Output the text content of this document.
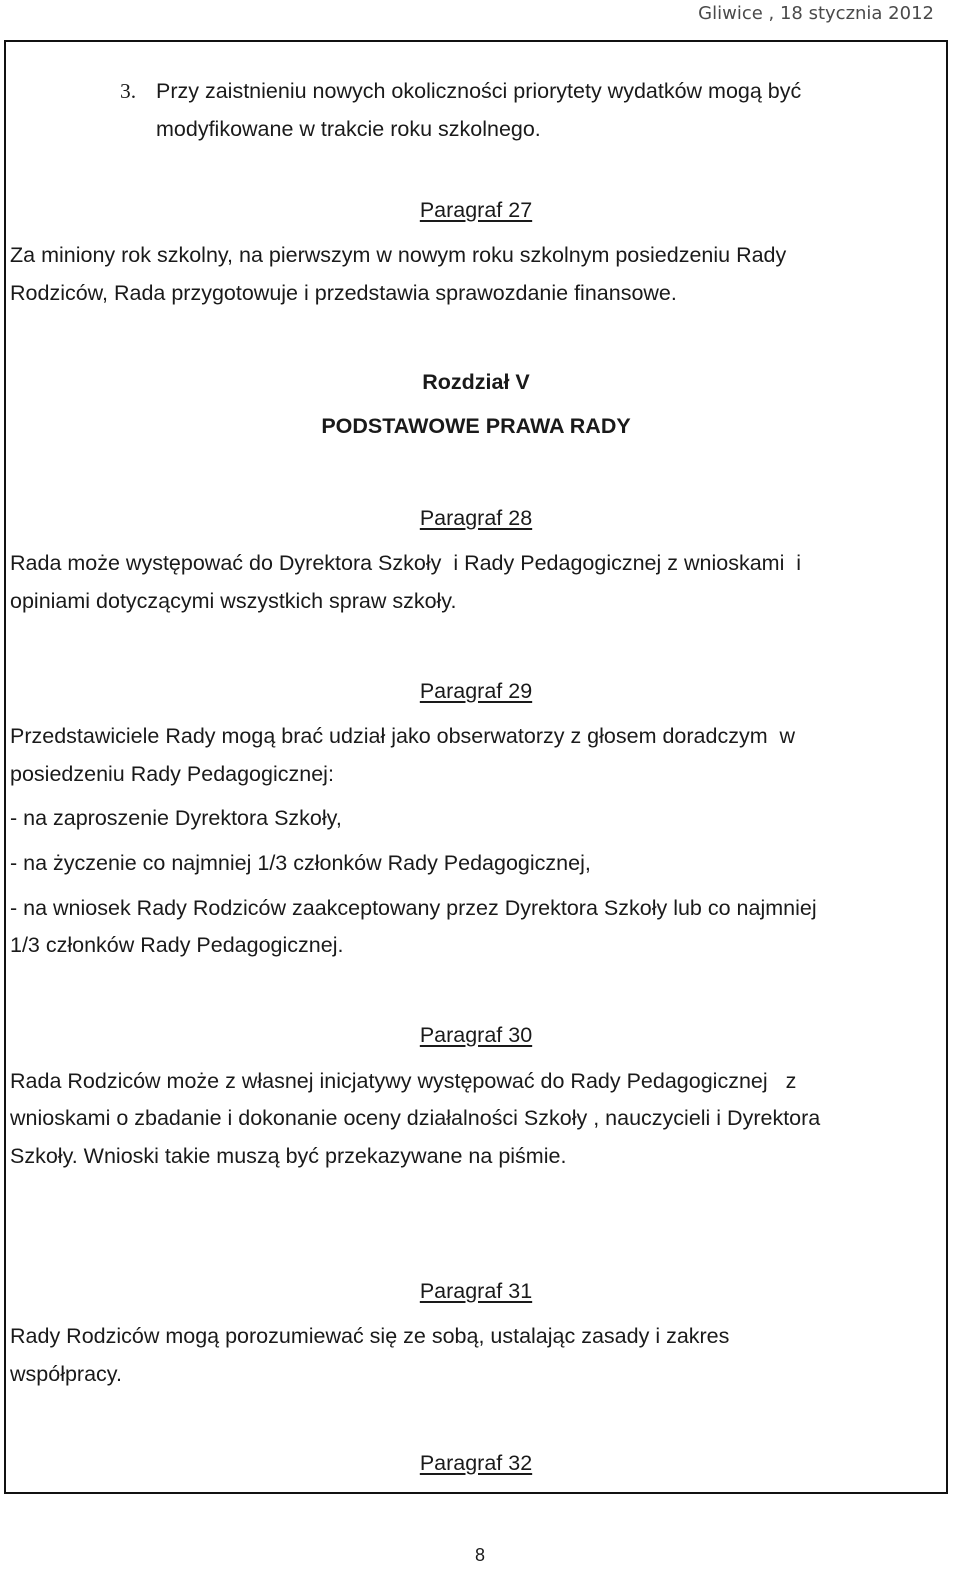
Gliwice , 18 stycznia 2012
3. Przy zaistnieniu nowych okoliczności priorytety wydatków mogą być
modyfikowane w trakcie roku szkolnego.
Paragraf 27
Za miniony rok szkolny, na pierwszym w nowym roku szkolnym posiedzeniu Rady
Rodziców, Rada przygotowuje i przedstawia sprawozdanie finansowe.
Rozdział V
PODSTAWOWE PRAWA RADY
Paragraf 28
Rada może występować do Dyrektora Szkoły  i Rady Pedagogicznej z wnioskami  i
opiniami dotyczącymi wszystkich spraw szkoły.
Paragraf 29
Przedstawiciele Rady mogą brać udział jako obserwatorzy z głosem doradczym  w
posiedzeniu Rady Pedagogicznej:
- na zaproszenie Dyrektora Szkoły,
- na życzenie co najmniej 1/3 członków Rady Pedagogicznej,
- na wniosek Rady Rodziców zaakceptowany przez Dyrektora Szkoły lub co najmniej
1/3 członków Rady Pedagogicznej.
Paragraf 30
Rada Rodziców może z własnej inicjatywy występować do Rady Pedagogicznej   z
wnioskami o zbadanie i dokonanie oceny działalności Szkoły , nauczycieli i Dyrektora
Szkoły. Wnioski takie muszą być przekazywane na piśmie.
Paragraf 31
Rady Rodziców mogą porozumiewać się ze sobą, ustalając zasady i zakres
współpracy.
Paragraf 32
8
